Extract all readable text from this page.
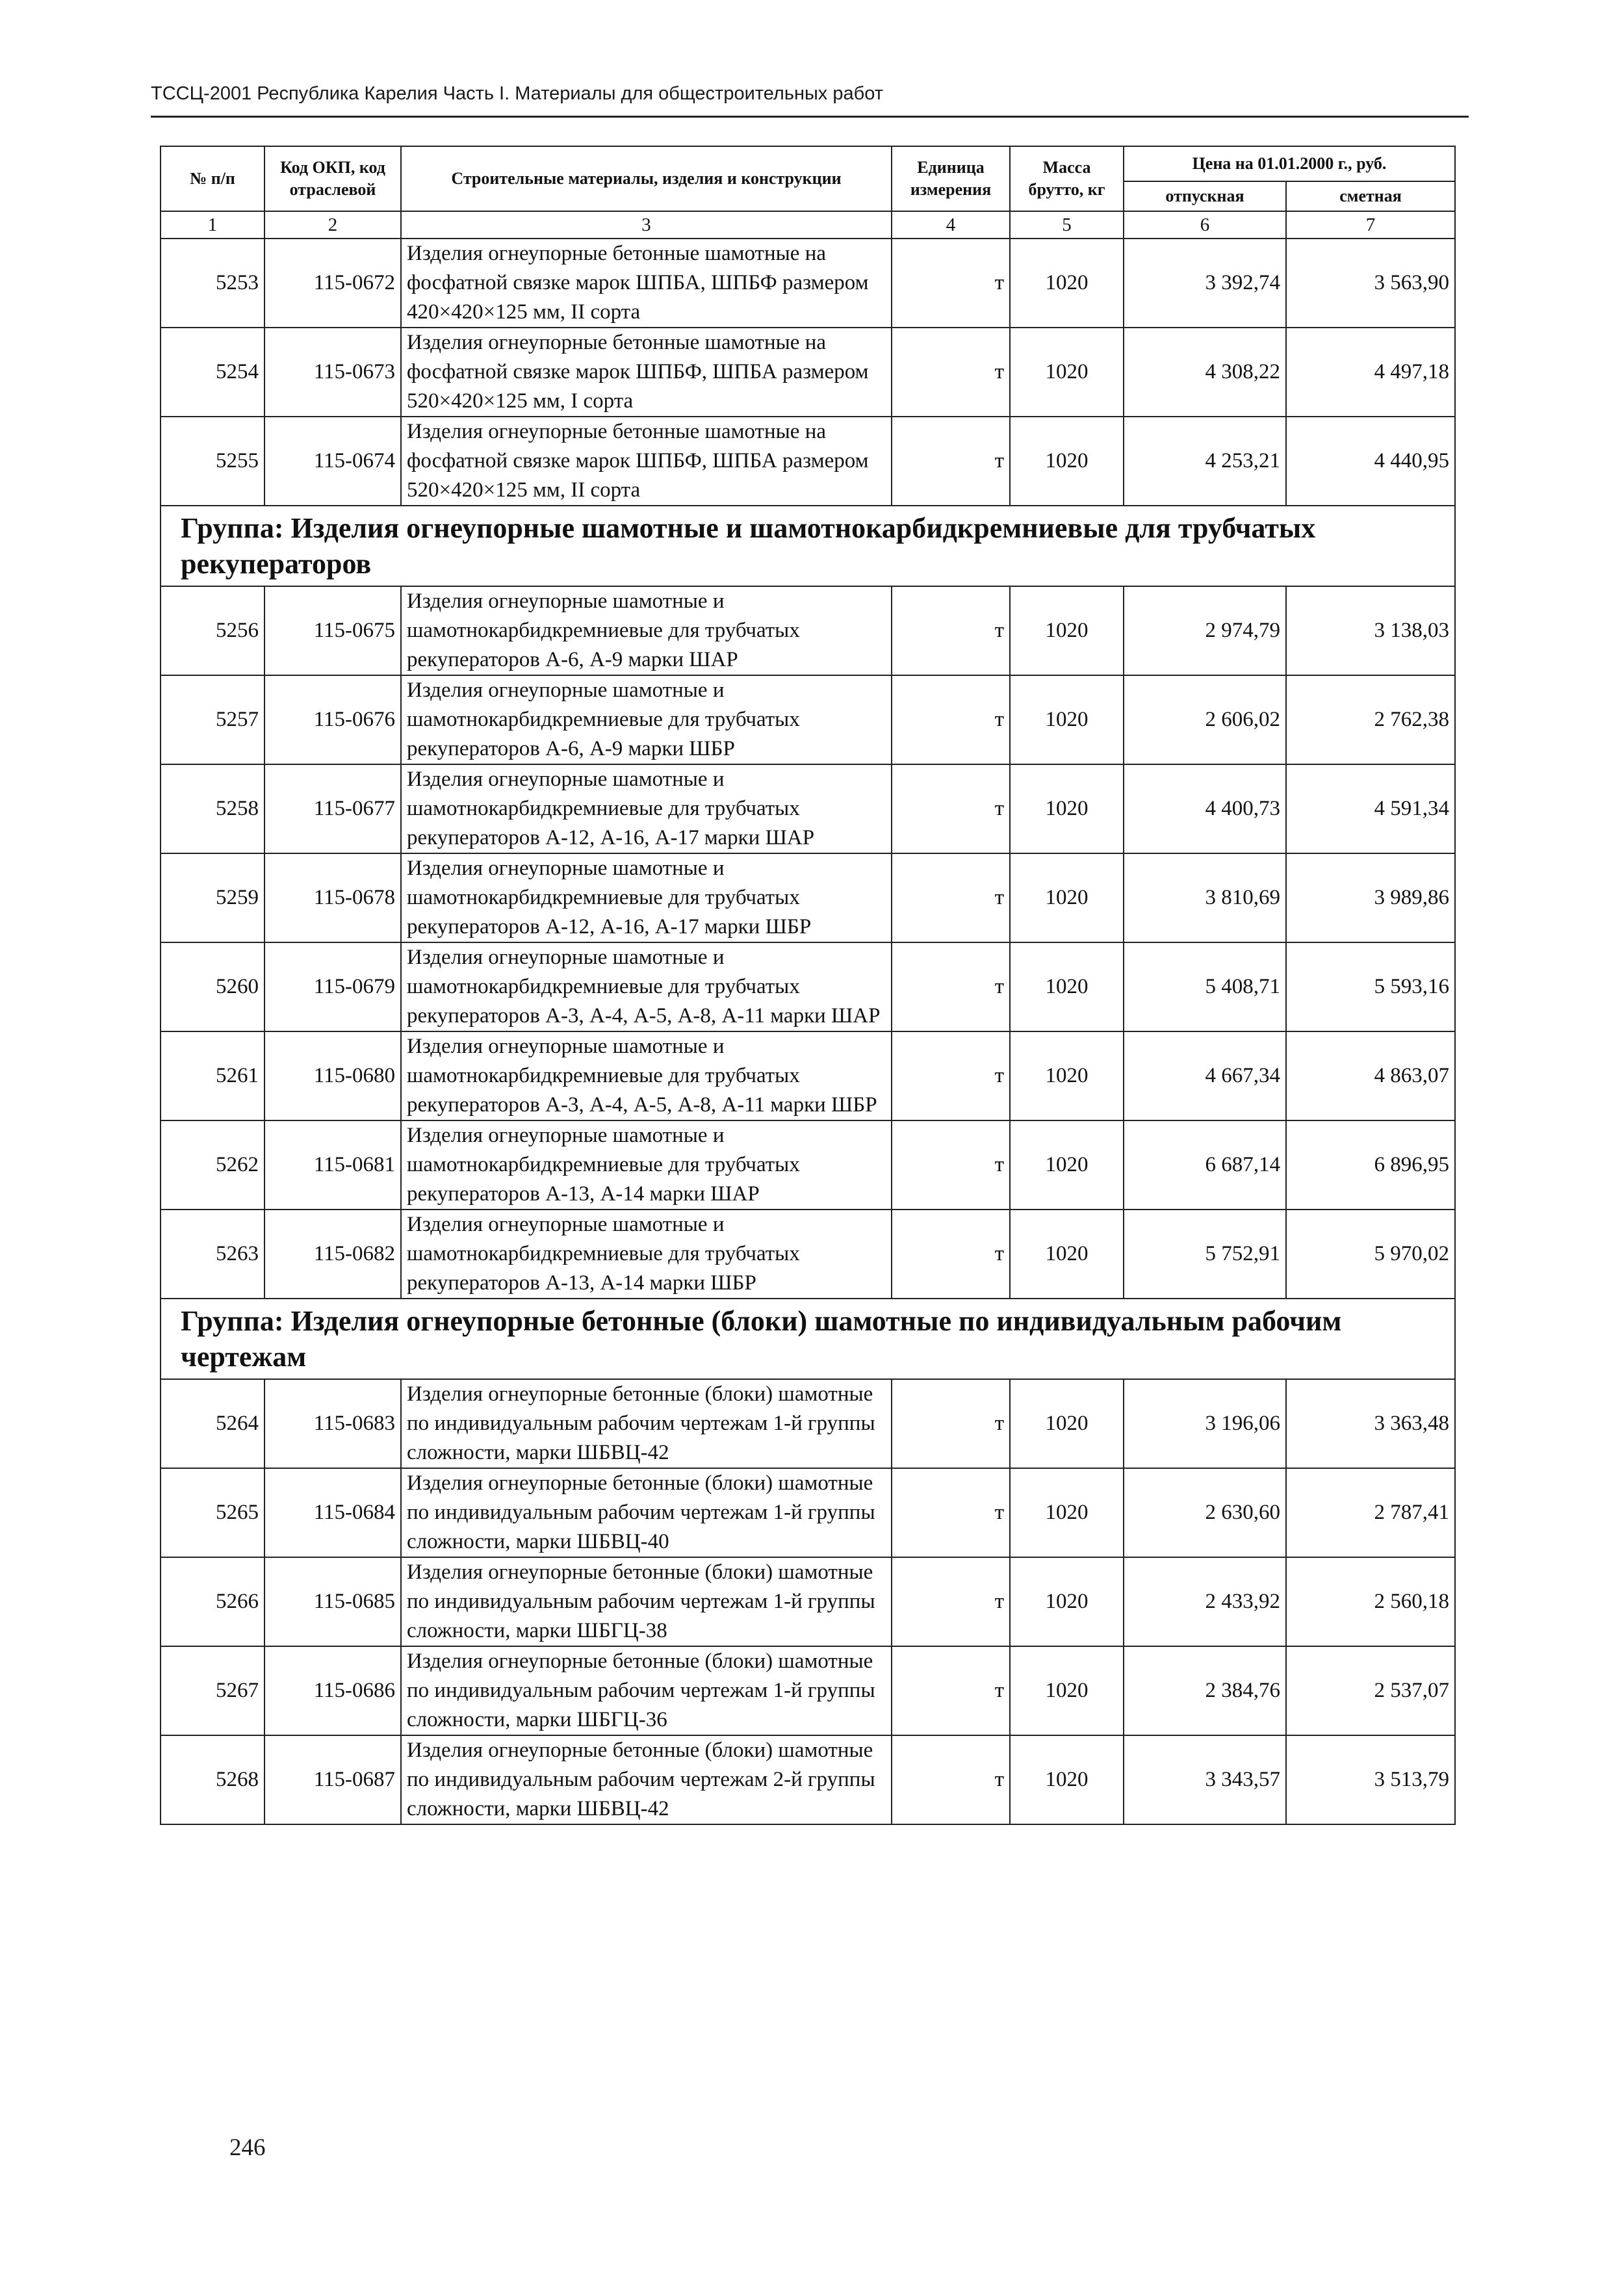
ТССЦ-2001 Республика Карелия Часть I. Материалы для общестроительных работ
№ п/п	Код ОКП, код отраслевой	Строительные материалы, изделия и конструкции	Единица измерения	Масса брутто, кг	Цена на 01.01.2000 г., руб.	
					отпускная	сметная
1	2	3	4	5	6	7
5253	115-0672	Изделия огнеупорные бетонные шамотные на фосфатной связке марок ШПБА, ШПБФ размером 420×420×125 мм, II сорта	т	1020	3 392,74	3 563,90
5254	115-0673	Изделия огнеупорные бетонные шамотные на фосфатной связке марок ШПБФ, ШПБА размером 520×420×125 мм, I сорта	т	1020	4 308,22	4 497,18
5255	115-0674	Изделия огнеупорные бетонные шамотные на фосфатной связке марок ШПБФ, ШПБА размером 520×420×125 мм, II сорта	т	1020	4 253,21	4 440,95
Группа: Изделия огнеупорные шамотные и шамотнокарбидкремниевые для трубчатых рекуператоров						
5256	115-0675	Изделия огнеупорные шамотные и шамотнокарбидкремниевые для трубчатых рекуператоров А-6, А-9 марки ШАР	т	1020	2 974,79	3 138,03
5257	115-0676	Изделия огнеупорные шамотные и шамотнокарбидкремниевые для трубчатых рекуператоров А-6, А-9 марки ШБР	т	1020	2 606,02	2 762,38
5258	115-0677	Изделия огнеупорные шамотные и шамотнокарбидкремниевые для трубчатых рекуператоров А-12, А-16, А-17 марки ШАР	т	1020	4 400,73	4 591,34
5259	115-0678	Изделия огнеупорные шамотные и шамотнокарбидкремниевые для трубчатых рекуператоров А-12, А-16, А-17 марки ШБР	т	1020	3 810,69	3 989,86
5260	115-0679	Изделия огнеупорные шамотные и шамотнокарбидкремниевые для трубчатых рекуператоров А-3, А-4, А-5, А-8, А-11 марки ШАР	т	1020	5 408,71	5 593,16
5261	115-0680	Изделия огнеупорные шамотные и шамотнокарбидкремниевые для трубчатых рекуператоров А-3, А-4, А-5, А-8, А-11 марки ШБР	т	1020	4 667,34	4 863,07
5262	115-0681	Изделия огнеупорные шамотные и шамотнокарбидкремниевые для трубчатых рекуператоров А-13, А-14 марки ШАР	т	1020	6 687,14	6 896,95
5263	115-0682	Изделия огнеупорные шамотные и шамотнокарбидкремниевые для трубчатых рекуператоров А-13, А-14 марки ШБР	т	1020	5 752,91	5 970,02
Группа: Изделия огнеупорные бетонные (блоки) шамотные по индивидуальным рабочим чертежам						
5264	115-0683	Изделия огнеупорные бетонные (блоки) шамотные по индивидуальным рабочим чертежам 1-й группы сложности, марки ШБВЦ-42	т	1020	3 196,06	3 363,48
5265	115-0684	Изделия огнеупорные бетонные (блоки) шамотные по индивидуальным рабочим чертежам 1-й группы сложности, марки ШБВЦ-40	т	1020	2 630,60	2 787,41
5266	115-0685	Изделия огнеупорные бетонные (блоки) шамотные по индивидуальным рабочим чертежам 1-й группы сложности, марки ШБГЦ-38	т	1020	2 433,92	2 560,18
5267	115-0686	Изделия огнеупорные бетонные (блоки) шамотные по индивидуальным рабочим чертежам 1-й группы сложности, марки ШБГЦ-36	т	1020	2 384,76	2 537,07
5268	115-0687	Изделия огнеупорные бетонные (блоки) шамотные по индивидуальным рабочим чертежам 2-й группы сложности, марки ШБВЦ-42	т	1020	3 343,57	3 513,79
246
